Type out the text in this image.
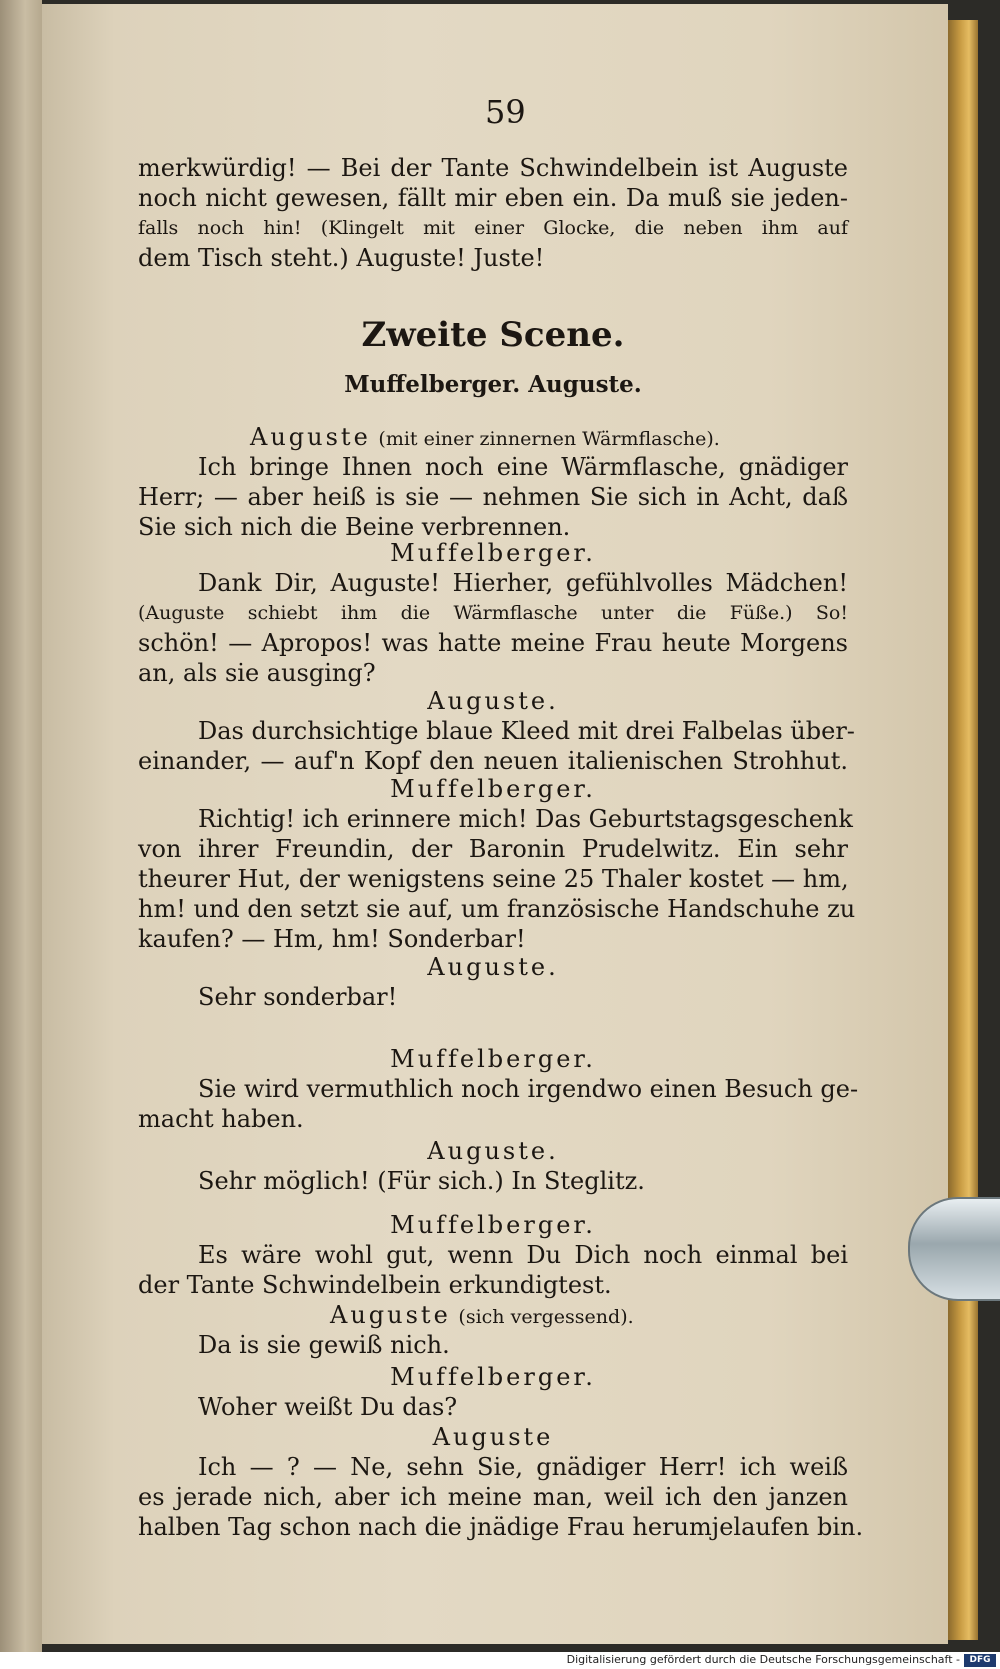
59
merkwürdig! — Bei der Tante Schwindelbein ist Auguste
noch nicht gewesen, fällt mir eben ein. Da muß sie jeden-
falls noch hin! (Klingelt mit einer Glocke, die neben ihm auf
dem Tisch steht.) Auguste! Juste!
Zweite Scene.
Muffelberger. Auguste.
Auguste (mit einer zinnernen Wärmflasche).
Ich bringe Ihnen noch eine Wärmflasche, gnädiger
Herr; — aber heiß is sie — nehmen Sie sich in Acht, daß
Sie sich nich die Beine verbrennen.
Muffelberger.
Dank Dir, Auguste! Hierher, gefühlvolles Mädchen!
(Auguste schiebt ihm die Wärmflasche unter die Füße.) So!
schön! — Apropos! was hatte meine Frau heute Morgens
an, als sie ausging?
Auguste.
Das durchsichtige blaue Kleed mit drei Falbelas über-
einander, — auf'n Kopf den neuen italienischen Strohhut.
Muffelberger.
Richtig! ich erinnere mich! Das Geburtstagsgeschenk
von ihrer Freundin, der Baronin Prudelwitz. Ein sehr
theurer Hut, der wenigstens seine 25 Thaler kostet — hm,
hm! und den setzt sie auf, um französische Handschuhe zu
kaufen? — Hm, hm! Sonderbar!
Auguste.
Sehr sonderbar!
Muffelberger.
Sie wird vermuthlich noch irgendwo einen Besuch ge-
macht haben.
Auguste.
Sehr möglich! (Für sich.) In Steglitz.
Muffelberger.
Es wäre wohl gut, wenn Du Dich noch einmal bei
der Tante Schwindelbein erkundigtest.
Auguste (sich vergessend).
Da is sie gewiß nich.
Muffelberger.
Woher weißt Du das?
Auguste
Ich — ? — Ne, sehn Sie, gnädiger Herr! ich weiß
es jerade nich, aber ich meine man, weil ich den janzen
halben Tag schon nach die jnädige Frau herumjelaufen bin.
Digitalisierung gefördert durch die Deutsche Forschungsgemeinschaft -	DFG
